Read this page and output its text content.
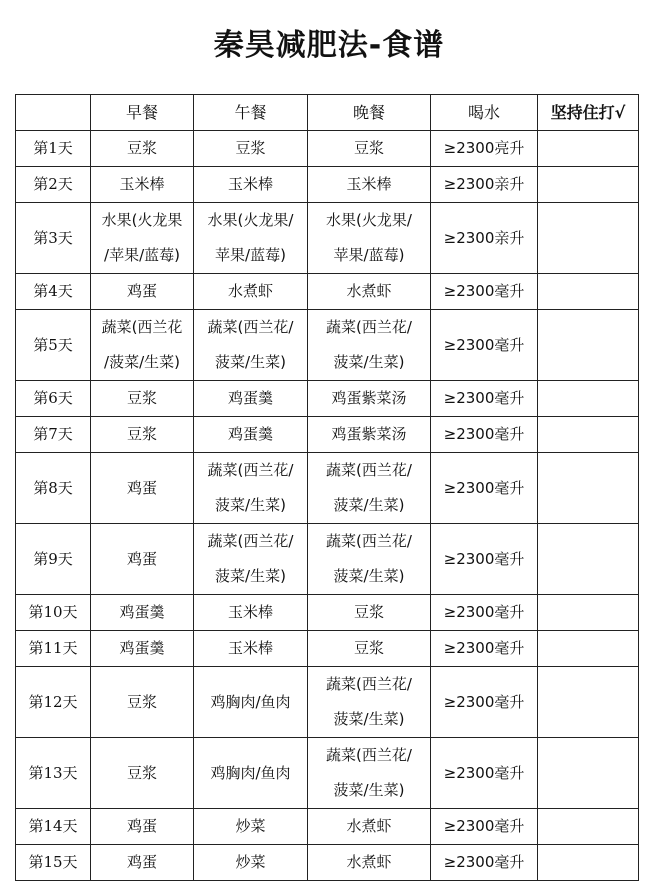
秦昊减肥法-食谱
	早餐	午餐	晚餐	喝水	坚持住打√
第1天	豆浆	豆浆	豆浆	≥2300亮升	
第2天	玉米棒	玉米棒	玉米棒	≥2300亲升	
第3天	水果(火龙果
/苹果/蓝莓)	水果(火龙果/
苹果/蓝莓)	水果(火龙果/
苹果/蓝莓)	≥2300亲升	
第4天	鸡蛋	水煮虾	水煮虾	≥2300毫升	
第5天	蔬菜(西兰花
/菠菜/生菜)	蔬菜(西兰花/
菠菜/生菜)	蔬菜(西兰花/
菠菜/生菜)	≥2300毫升	
第6天	豆浆	鸡蛋羹	鸡蛋紫菜汤	≥2300毫升	
第7天	豆浆	鸡蛋羹	鸡蛋紫菜汤	≥2300毫升	
第8天	鸡蛋	蔬菜(西兰花/
菠菜/生菜)	蔬菜(西兰花/
菠菜/生菜)	≥2300毫升	
第9天	鸡蛋	蔬菜(西兰花/
菠菜/生菜)	蔬菜(西兰花/
菠菜/生菜)	≥2300毫升	
第10天	鸡蛋羹	玉米棒	豆浆	≥2300毫升	
第11天	鸡蛋羹	玉米棒	豆浆	≥2300毫升	
第12天	豆浆	鸡胸肉/鱼肉	蔬菜(西兰花/
菠菜/生菜)	≥2300毫升	
第13天	豆浆	鸡胸肉/鱼肉	蔬菜(西兰花/
菠菜/生菜)	≥2300毫升	
第14天	鸡蛋	炒菜	水煮虾	≥2300毫升	
第15天	鸡蛋	炒菜	水煮虾	≥2300毫升	
